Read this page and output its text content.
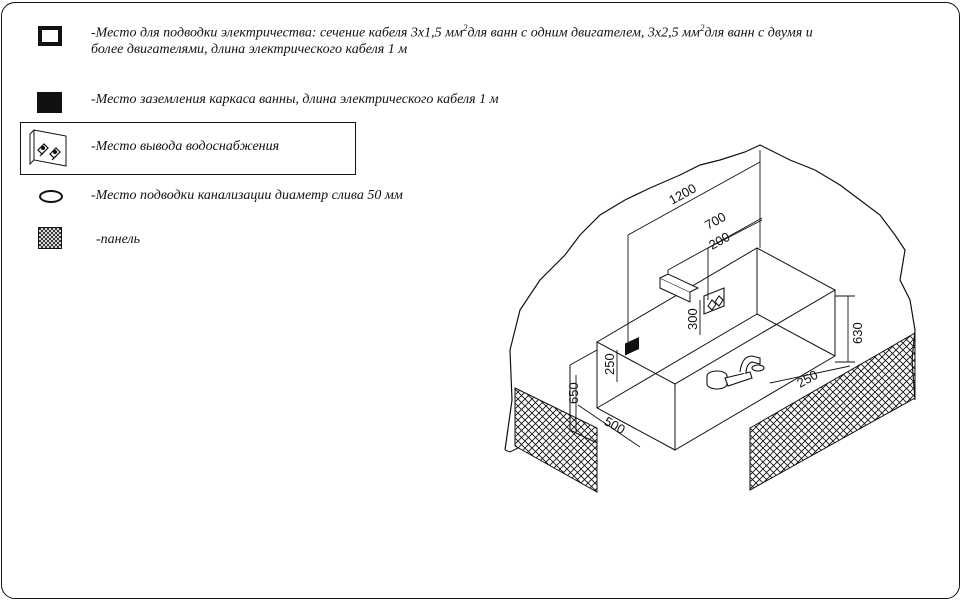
-Место для подводки электричества: сечение кабеля 3х1,5 $мм^2для$ ванн с одним двигателем, 3х2,5 $мм^2для$ ванн с двумя и
более двигателями, длина электрического кабеля 1 м
-Место заземления каркаса ванны, длина электрического кабеля 1 м
-Место вывода водоснабжения
-Место подводки канализации диаметр слива 50 мм
-панель
1200
700
200
300
250
630
250
650
500
